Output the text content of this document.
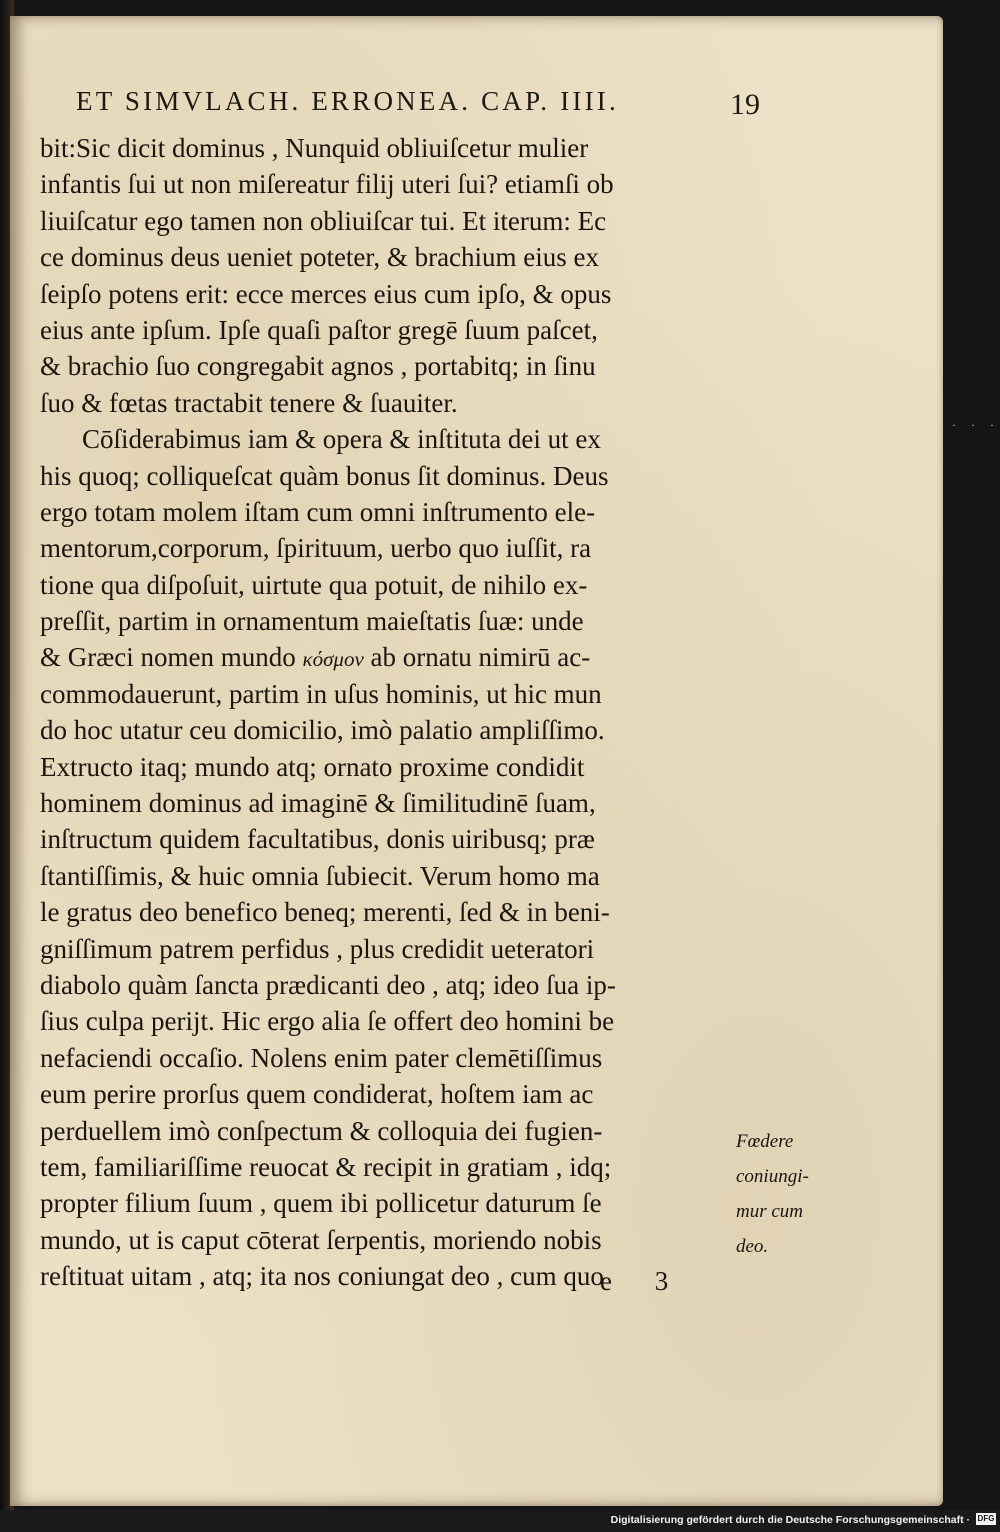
ET SIMVLACH. ERRONEA. CAP. IIII.	19
bit:Sic dicit dominus , Nunquid obliuiſcetur mulier
infantis ſui ut non miſereatur filij uteri ſui? etiamſi ob
liuiſcatur ego tamen non obliuiſcar tui. Et iterum: Ec
ce dominus deus ueniet poteter, & brachium eius ex
ſeipſo potens erit: ecce merces eius cum ipſo, & opus
eius ante ipſum. Ipſe quaſi paſtor gregē ſuum paſcet,
& brachio ſuo congregabit agnos , portabitq; in ſinu
ſuo & fœtas tractabit tenere & ſuauiter.
Cōſiderabimus iam & opera & inſtituta dei ut ex
his quoq; colliqueſcat quàm bonus ſit dominus. Deus
ergo totam molem iſtam cum omni inſtrumento ele-
mentorum,corporum, ſpirituum, uerbo quo iuſſit, ra
tione qua diſpoſuit, uirtute qua potuit, de nihilo ex-
preſſit, partim in ornamentum maieſtatis ſuæ: unde
& Græci nomen mundo κόσμον ab ornatu nimirū ac-
commodauerunt, partim in uſus hominis, ut hic mun
do hoc utatur ceu domicilio, imò palatio ampliſſimo.
Extructo itaq; mundo atq; ornato proxime condidit
hominem dominus ad imaginē & ſimilitudinē ſuam,
inſtructum quidem facultatibus, donis uiribusq; præ
ſtantiſſimis, & huic omnia ſubiecit. Verum homo ma
le gratus deo benefico beneq; merenti, ſed & in beni-
gniſſimum patrem perfidus , plus credidit ueteratori
diabolo quàm ſancta prædicanti deo , atq; ideo ſua ip-
ſius culpa perijt. Hic ergo alia ſe offert deo homini be
nefaciendi occaſio. Nolens enim pater clemētiſſimus
eum perire prorſus quem condiderat, hoſtem iam ac
perduellem imò conſpectum & colloquia dei fugien-
tem, familiariſſime reuocat & recipit in gratiam , idq;
propter filium ſuum , quem ibi pollicetur daturum ſe
mundo, ut is caput cōterat ſerpentis, moriendo nobis
reſtituat uitam , atq; ita nos coniungat deo , cum quo
Fœdere
coniungi-
mur cum
deo.
e 3
· · ·
Digitalisierung gefördert durch die Deutsche Forschungsgemeinschaft · DFG
